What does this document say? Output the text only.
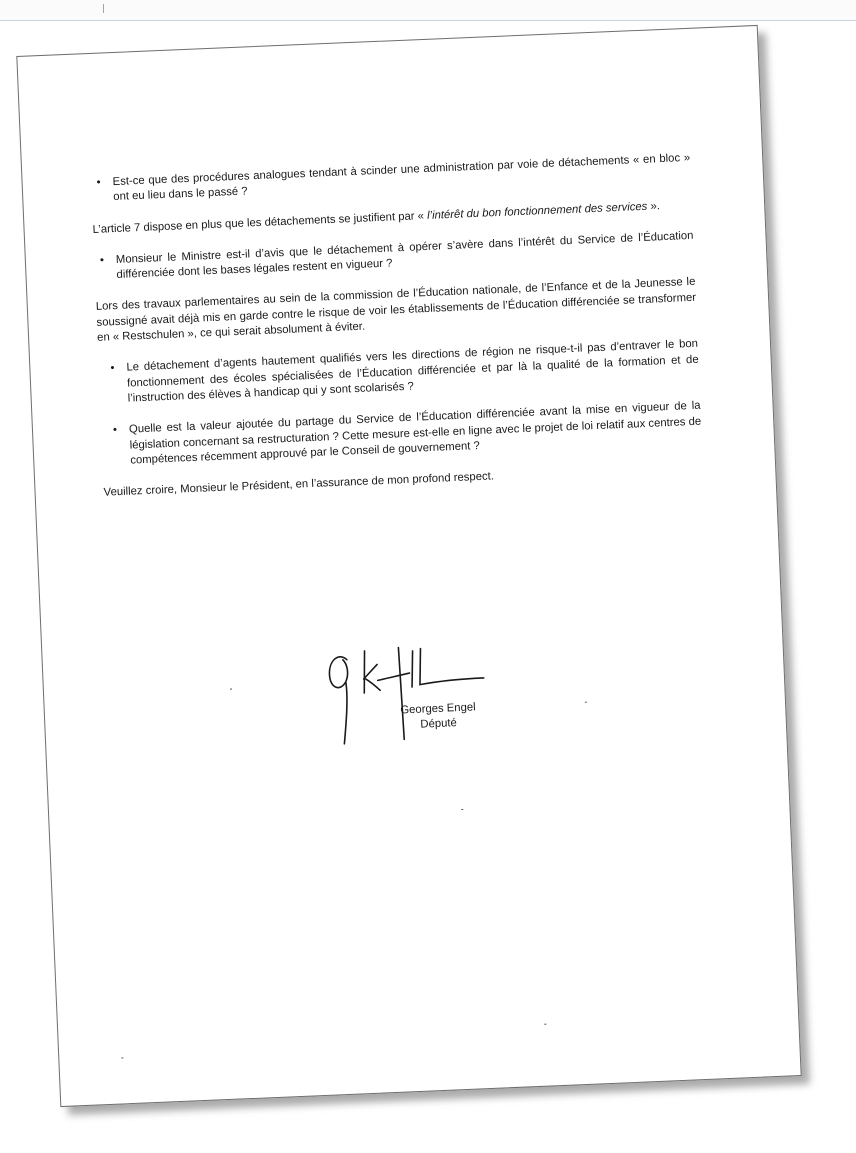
• Est-ce que des procédures analogues tendant à scinder une administration par voie de détachements « en bloc » ont eu lieu dans le passé ?

L’article 7 dispose en plus que les détachements se justifient par « l’intérêt du bon fonctionnement des services ».

• Monsieur le Ministre est-il d’avis que le détachement à opérer s’avère dans l’intérêt du Service de l’Éducation différenciée dont les bases légales restent en vigueur ?

Lors des travaux parlementaires au sein de la commission de l’Éducation nationale, de l’Enfance et de la Jeunesse le soussigné avait déjà mis en garde contre le risque de voir les établissements de l’Éducation différenciée se transformer en « Restschulen », ce qui serait absolument à éviter.

• Le détachement d’agents hautement qualifiés vers les directions de région ne risque-t-il pas d’entraver le bon fonctionnement des écoles spécialisées de l’Éducation différenciée et par là la qualité de la formation et de l’instruction des élèves à handicap qui y sont scolarisés ?
• Quelle est la valeur ajoutée du partage du Service de l’Éducation différenciée avant la mise en vigueur de la législation concernant sa restructuration ? Cette mesure est-elle en ligne avec le projet de loi relatif aux centres de compétences récemment approuvé par le Conseil de gouvernement ?

Veuillez croire, Monsieur le Président, en l’assurance de mon profond respect.

Georges Engel
Député
